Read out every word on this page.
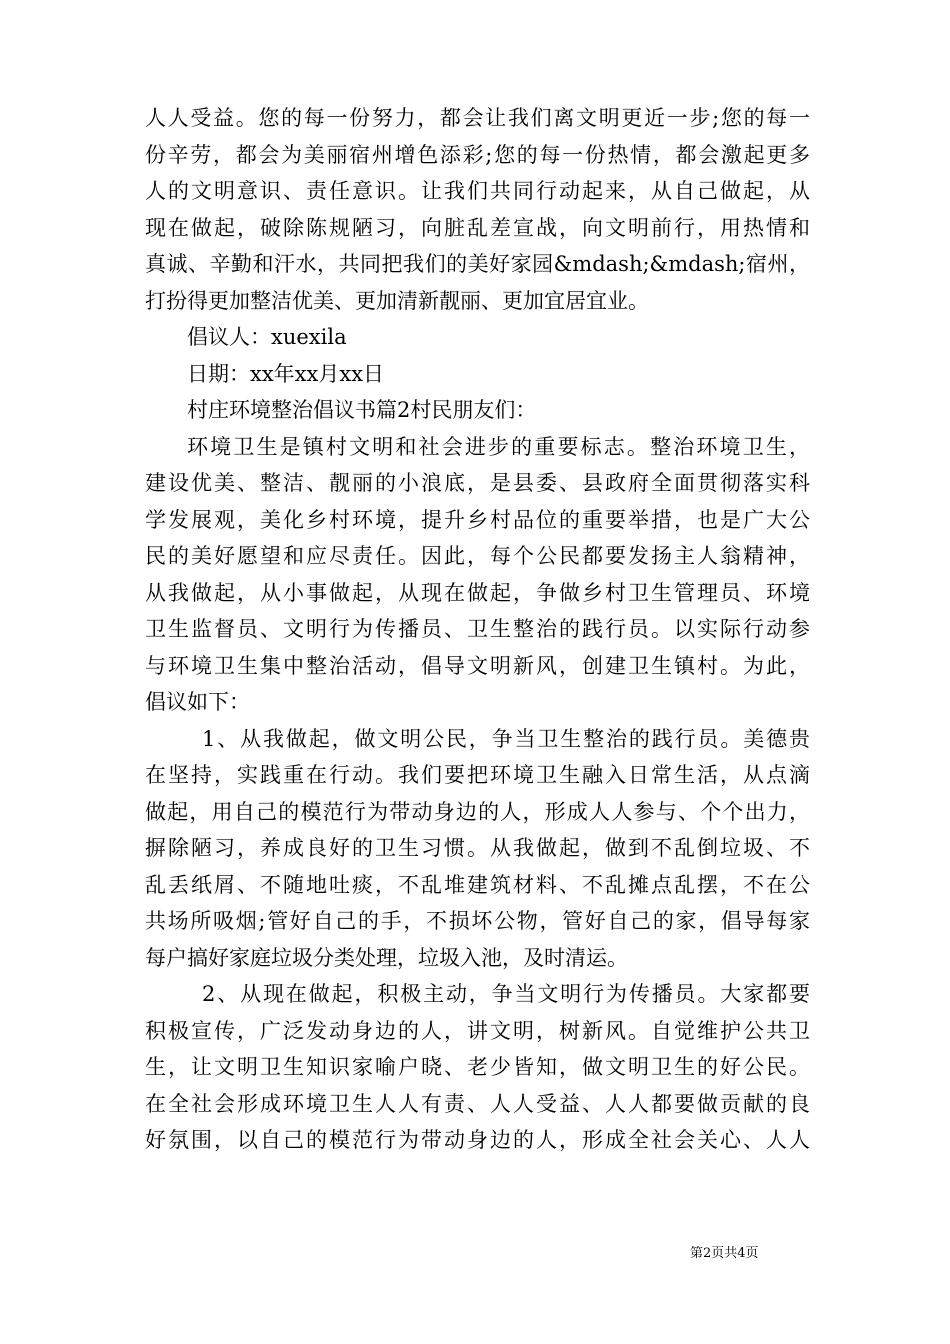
人人受益。您的每一份努力，都会让我们离文明更近一步;您的每一
份辛劳，都会为美丽宿州增色添彩;您的每一份热情，都会激起更多
人的文明意识、责任意识。让我们共同行动起来，从自己做起，从
现在做起，破除陈规陋习，向脏乱差宣战，向文明前行，用热情和
真诚、辛勤和汗水，共同把我们的美好家园&mdash;&mdash;宿州，
打扮得更加整洁优美、更加清新靓丽、更加宜居宜业。
倡议人：xuexila
日期：xx年xx月xx日
村庄环境整治倡议书篇2村民朋友们：
环境卫生是镇村文明和社会进步的重要标志。整治环境卫生，
建设优美、整洁、靓丽的小浪底，是县委、县政府全面贯彻落实科
学发展观，美化乡村环境，提升乡村品位的重要举措，也是广大公
民的美好愿望和应尽责任。因此，每个公民都要发扬主人翁精神，
从我做起，从小事做起，从现在做起，争做乡村卫生管理员、环境
卫生监督员、文明行为传播员、卫生整治的践行员。以实际行动参
与环境卫生集中整治活动，倡导文明新风，创建卫生镇村。为此，
倡议如下：
1、从我做起，做文明公民，争当卫生整治的践行员。美德贵
在坚持，实践重在行动。我们要把环境卫生融入日常生活，从点滴
做起，用自己的模范行为带动身边的人，形成人人参与、个个出力，
摒除陋习，养成良好的卫生习惯。从我做起，做到不乱倒垃圾、不
乱丢纸屑、不随地吐痰，不乱堆建筑材料、不乱摊点乱摆，不在公
共场所吸烟;管好自己的手，不损坏公物，管好自己的家，倡导每家
每户搞好家庭垃圾分类处理，垃圾入池，及时清运。
2、从现在做起，积极主动，争当文明行为传播员。大家都要
积极宣传，广泛发动身边的人，讲文明，树新风。自觉维护公共卫
生，让文明卫生知识家喻户晓、老少皆知，做文明卫生的好公民。
在全社会形成环境卫生人人有责、人人受益、人人都要做贡献的良
好氛围，以自己的模范行为带动身边的人，形成全社会关心、人人
第2页共4页
